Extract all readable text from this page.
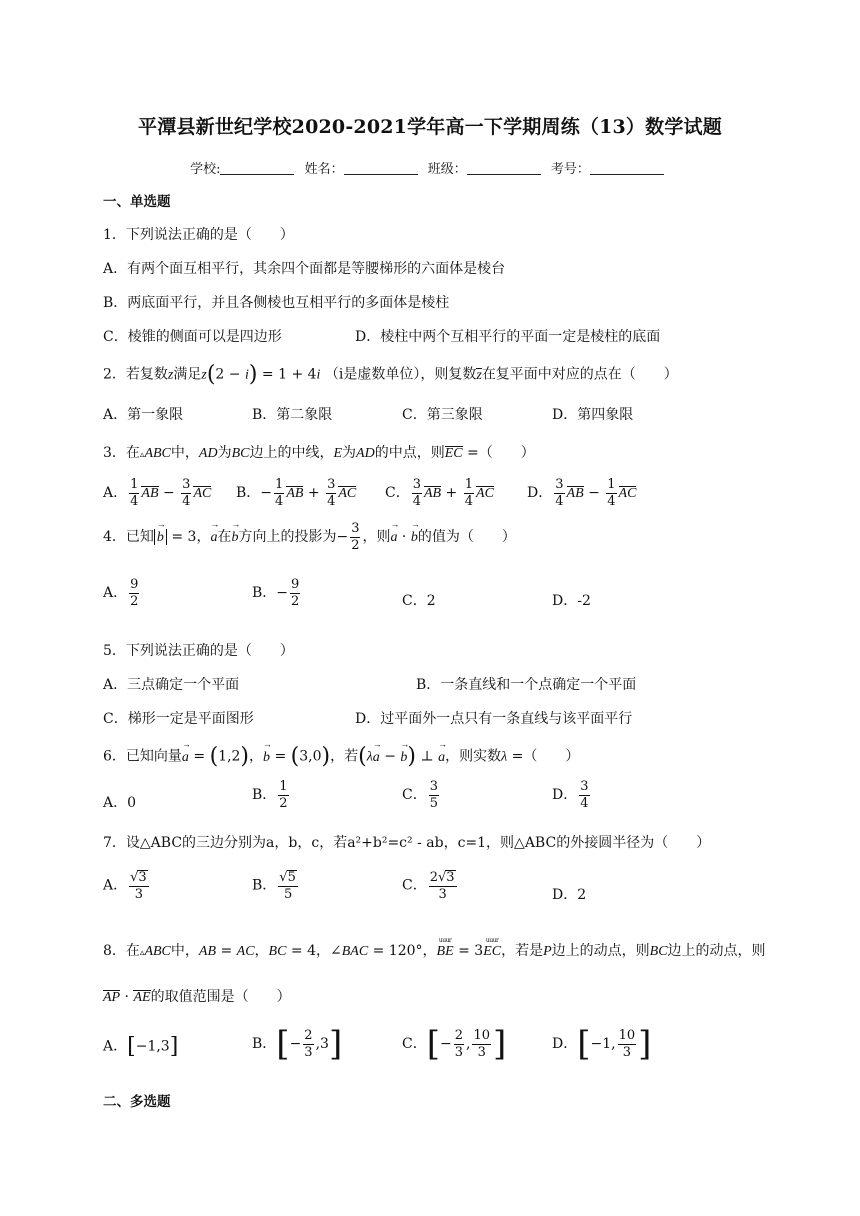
平潭县新世纪学校2020-2021学年高一下学期周练（13）数学试题
学校:	姓名：	班级：	考号：
一、单选题
1．下列说法正确的是（　　）
A．有两个面互相平行，其余四个面都是等腰梯形的六面体是棱台
B．两底面平行，并且各侧棱也互相平行的多面体是棱柱
C．棱锥的侧面可以是四边形	D．棱柱中两个互相平行的平面一定是棱柱的底面
2．若复数z满足z(2 − i) = 1 + 4i （i是虚数单位），则复数z在复平面中对应的点在（　　）
A．第一象限	B．第二象限	C．第三象限	D．第四象限
3．在▵ABC中，AD为BC边上的中线，E为AD的中点，则EC =（　　）
A． $\frac{1}{4}$ AB − $\frac{3}{4}$ AC B．− $\frac{1}{4}$ AB + $\frac{3}{4}$ AC C． $\frac{3}{4}$ AB + $\frac{1}{4}$ AC D． $\frac{3}{4}$ AB − $\frac{1}{4}$ AC
4．已知→ b = 3，→ a在→ b方向上的投影为− $\frac{3}{2}$ ，则→ a · → b的值为（　　）
A． $\frac{9}{2}$	B．− $\frac{9}{2}$	C．2	D．-2
5．下列说法正确的是（　　）
A．三点确定一个平面	B．一条直线和一个点确定一个平面
C．梯形一定是平面图形	D．过平面外一点只有一条直线与该平面平行
6．已知向量→ a = (1,2)，→ b = (3,0)，若(λ→ a − → b) ⊥ → a，则实数λ =（　　）
A．0	B． $\frac{1}{2}$	C． $\frac{3}{5}$	D． $\frac{3}{4}$
7．设△ABC的三边分别为a，b，c，若a²+b²=c² - ab，c=1，则△ABC的外接圆半径为（　　）
A． $\frac{√3}{3}$	B． $\frac{√5}{5}$	C． $\frac{2√3}{3}$	D．2
8．在▵ABC中，AB = AC，BC = 4，∠BAC = 120°，
uuur
BE = 3
uuur
EC ，若是P边上的动点，则BC边上的动点，则
AP · AE的取值范围是（　　）
A．[−1,3]	B．[− $\frac{2}{3} ,3$]	C．[− $\frac{2}{3}$ , $\frac{10}{3}$ ]	D．[−1, $\frac{10}{3}$ ]
二、多选题
